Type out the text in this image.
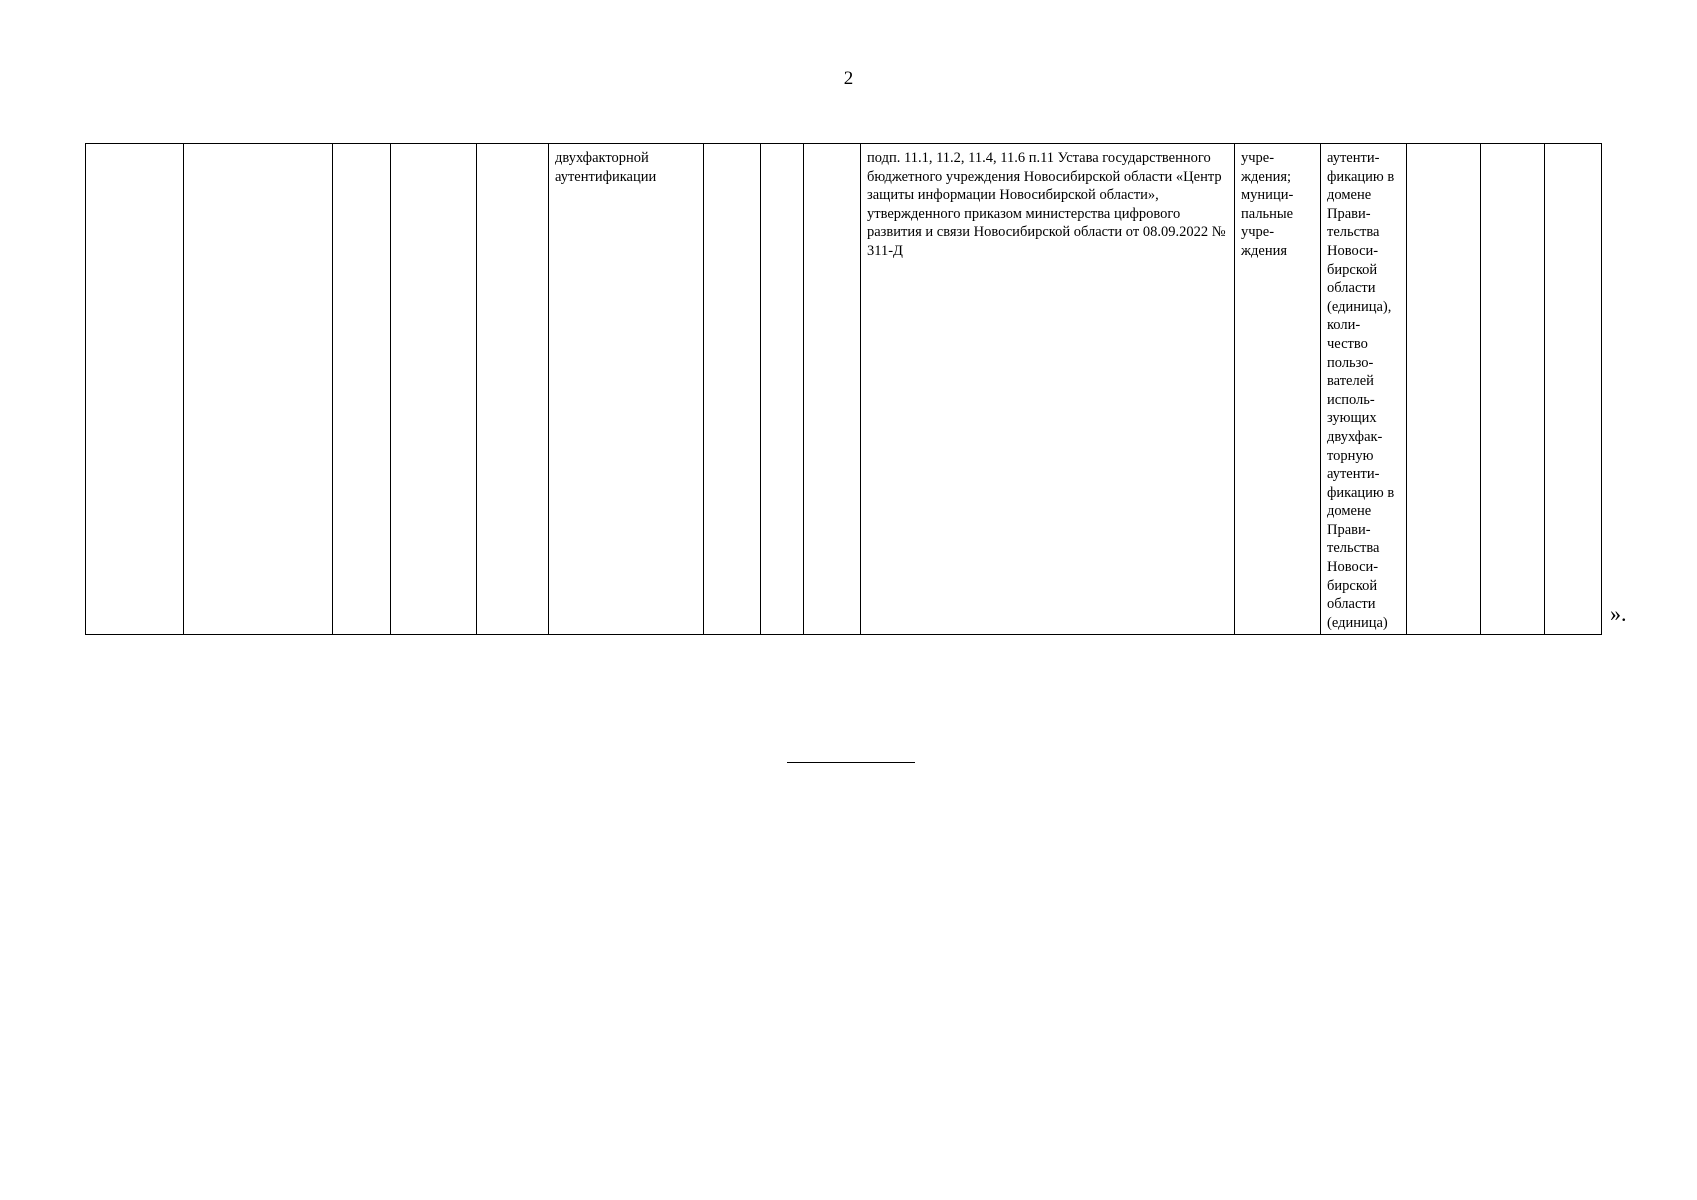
2
					двухфакторной аутентификации				подп. 11.1, 11.2, 11.4, 11.6 п.11 Устава государственного бюджетного учреждения Новосибирской области «Центр защиты информации Новосибирской области», утвержденного приказом министерства цифрового развития и связи Новосибирской области от 08.09.2022 № 311-Д	учре-ждения; муници-пальные учре-ждения	аутенти-фикацию в домене Прави-тельства Новоси-бирской области (единица), коли-чество пользо-вателей исполь-зующих двухфак-торную аутенти-фикацию в домене Прави-тельства Новоси-бирской области (единица)				».
